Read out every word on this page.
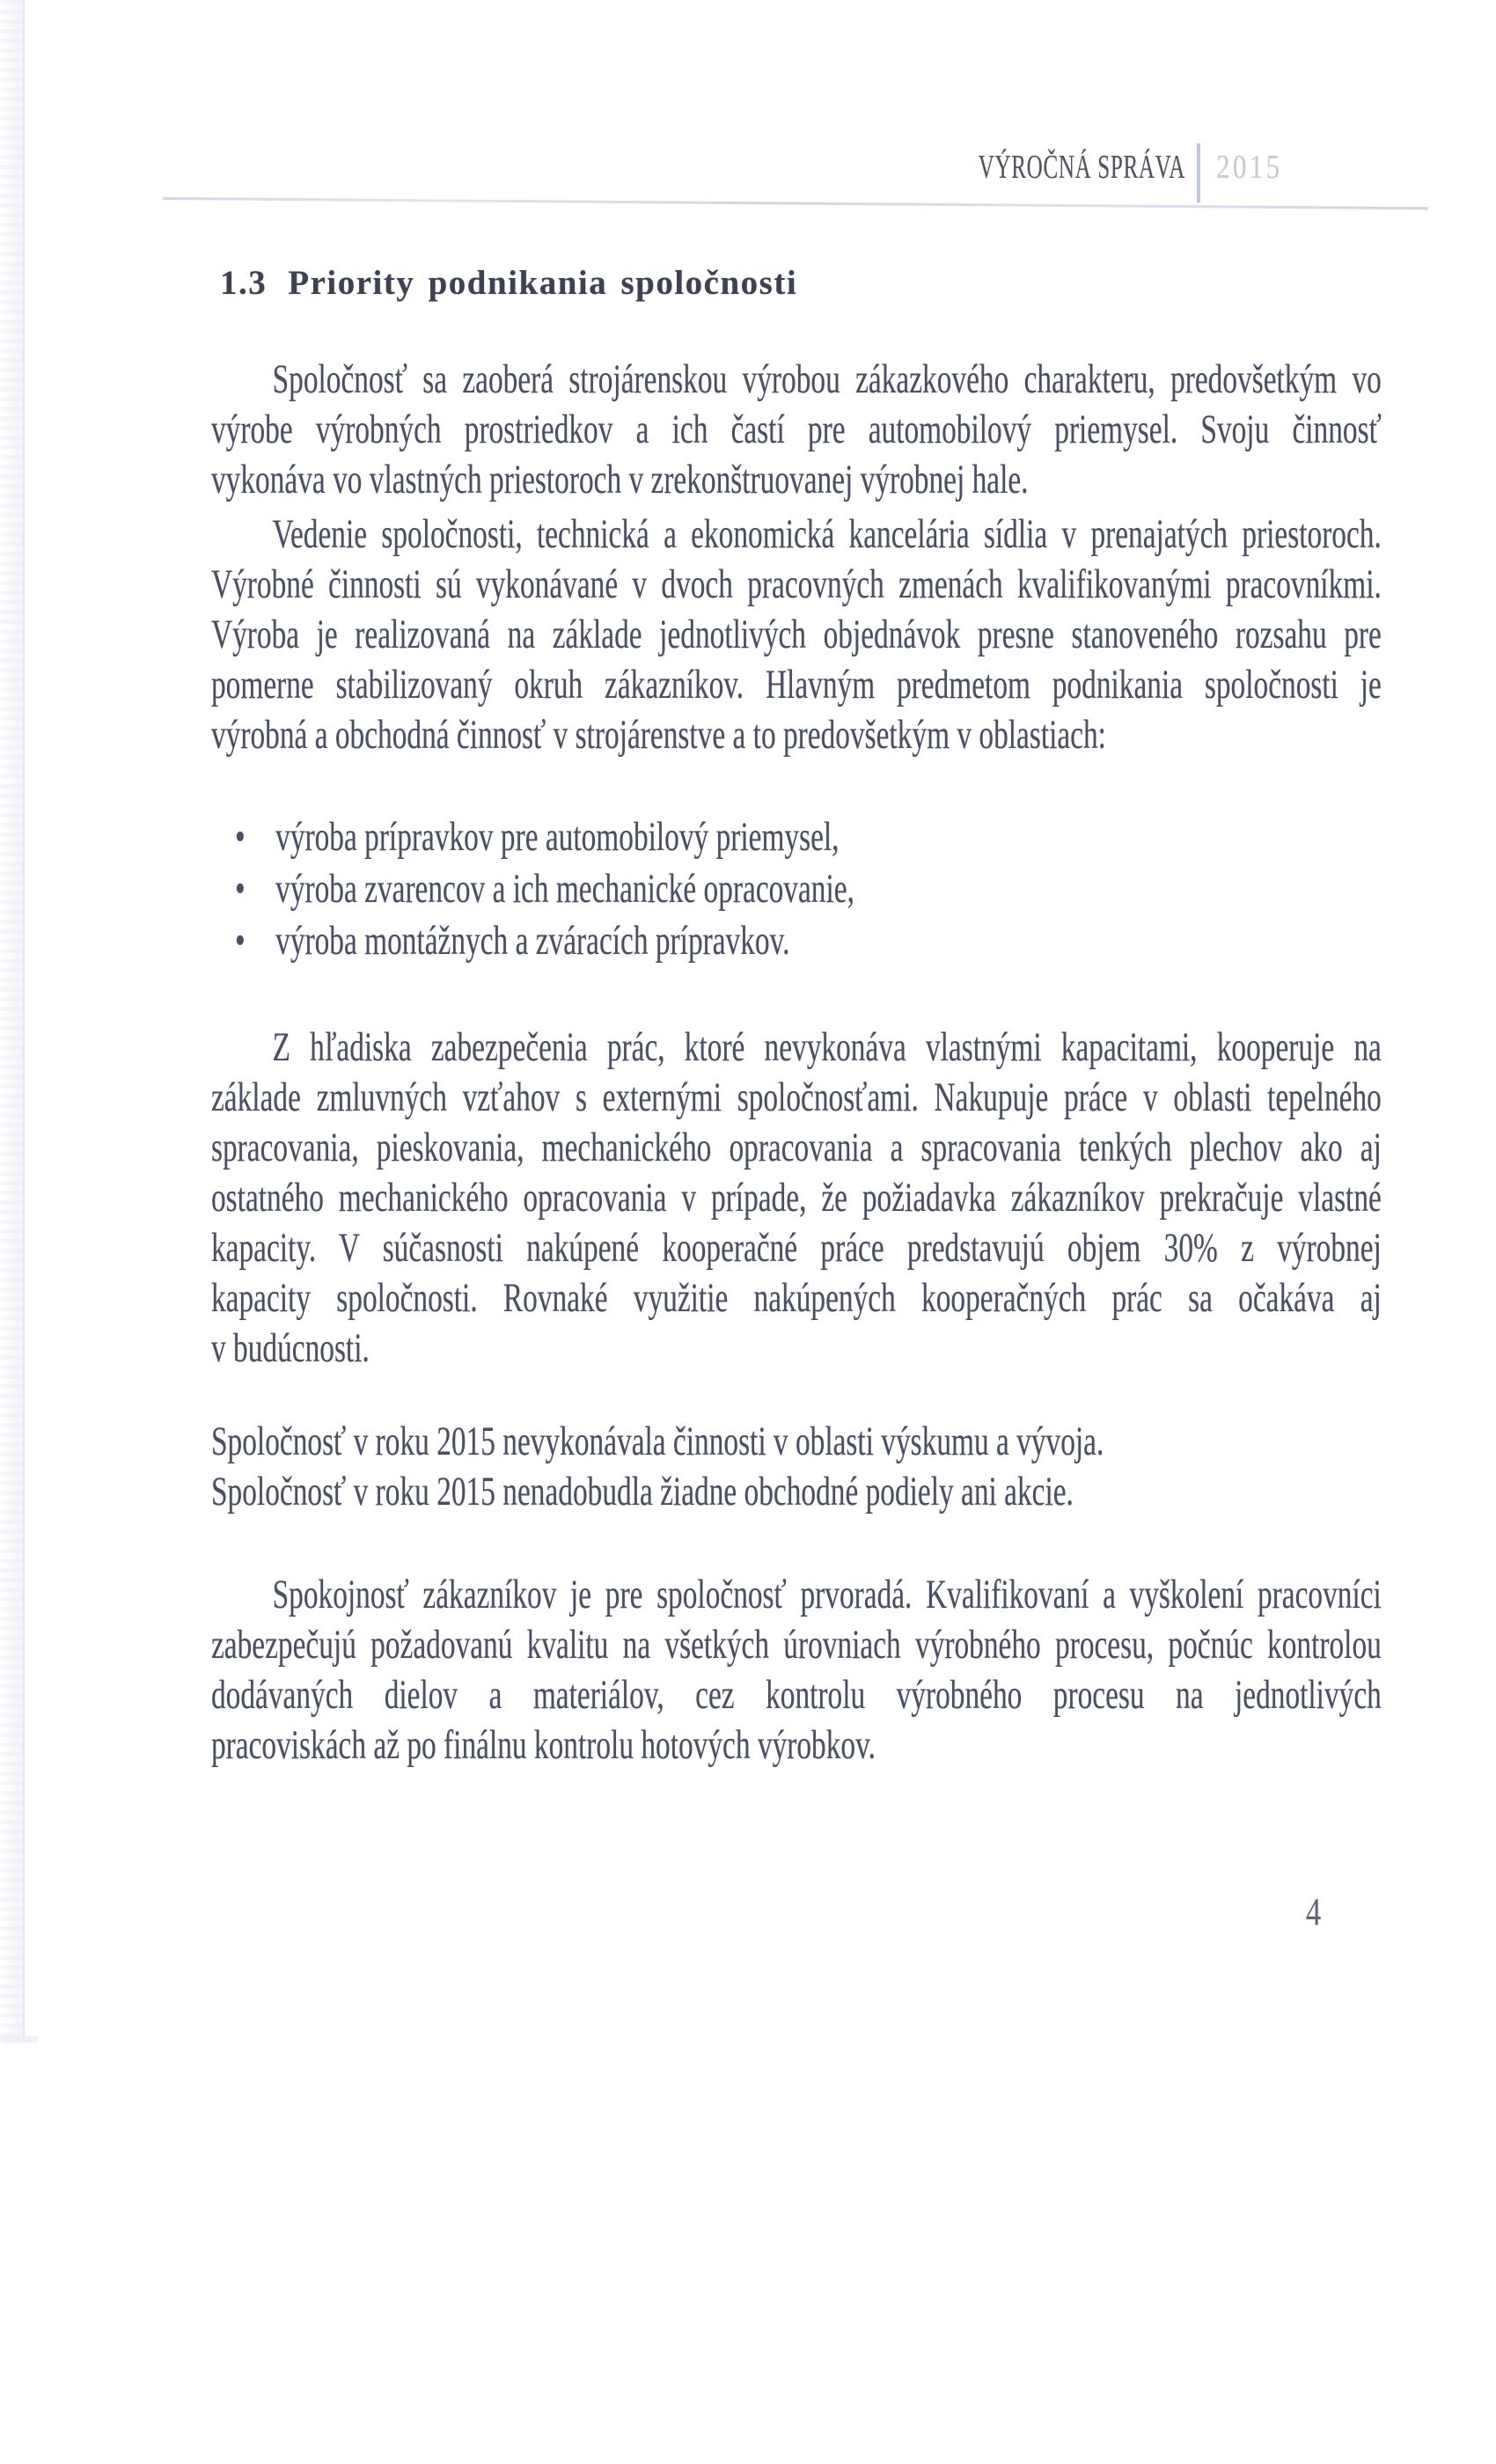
VÝROČNÁ SPRÁVA 2015
1.3 Priority podnikania spoločnosti
Spoločnosť sa zaoberá strojárenskou výrobou zákazkového charakteru, predovšetkým vo
výrobe výrobných prostriedkov a ich častí pre automobilový priemysel. Svoju činnosť
vykonáva vo vlastných priestoroch v zrekonštruovanej výrobnej hale.
Vedenie spoločnosti, technická a ekonomická kancelária sídlia v prenajatých priestoroch.
Výrobné činnosti sú vykonávané v dvoch pracovných zmenách kvalifikovanými pracovníkmi.
Výroba je realizovaná na základe jednotlivých objednávok presne stanoveného rozsahu pre
pomerne stabilizovaný okruh zákazníkov. Hlavným predmetom podnikania spoločnosti je
výrobná a obchodná činnosť v strojárenstve a to predovšetkým v oblastiach:
• výroba prípravkov pre automobilový priemysel,
• výroba zvarencov a ich mechanické opracovanie,
• výroba montážnych a zváracích prípravkov.
Z hľadiska zabezpečenia prác, ktoré nevykonáva vlastnými kapacitami, kooperuje na
základe zmluvných vzťahov s externými spoločnosťami. Nakupuje práce v oblasti tepelného
spracovania, pieskovania, mechanického opracovania a spracovania tenkých plechov ako aj
ostatného mechanického opracovania v prípade, že požiadavka zákazníkov prekračuje vlastné
kapacity. V súčasnosti nakúpené kooperačné práce predstavujú objem 30% z výrobnej
kapacity spoločnosti. Rovnaké využitie nakúpených kooperačných prác sa očakáva aj
v budúcnosti.
Spoločnosť v roku 2015 nevykonávala činnosti v oblasti výskumu a vývoja.
Spoločnosť v roku 2015 nenadobudla žiadne obchodné podiely ani akcie.
Spokojnosť zákazníkov je pre spoločnosť prvoradá. Kvalifikovaní a vyškolení pracovníci
zabezpečujú požadovanú kvalitu na všetkých úrovniach výrobného procesu, počnúc kontrolou
dodávaných dielov a materiálov, cez kontrolu výrobného procesu na jednotlivých
pracoviskách až po finálnu kontrolu hotových výrobkov.
4
